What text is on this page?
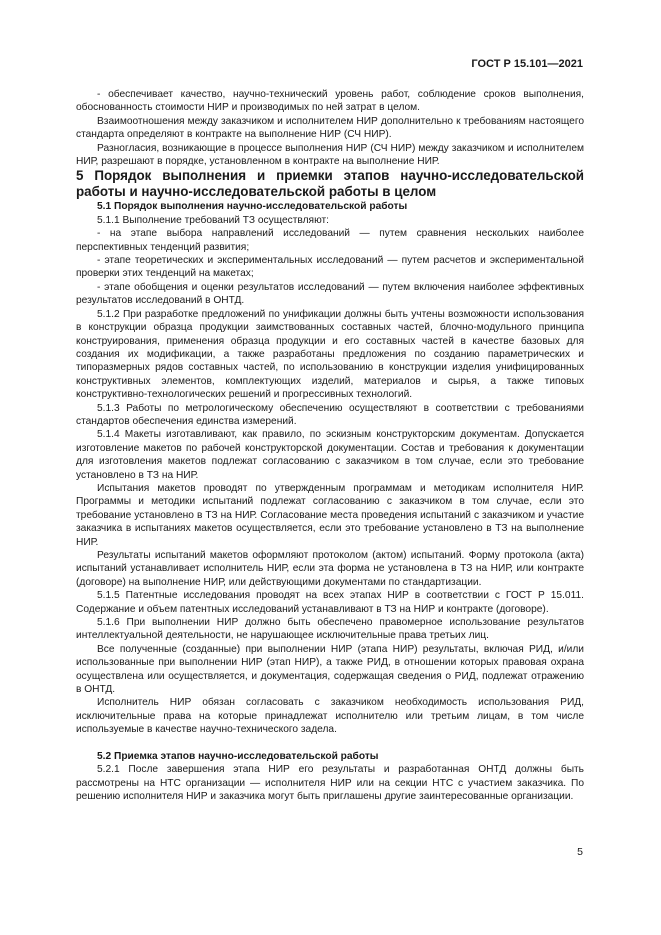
ГОСТ Р 15.101—2021

- обеспечивает качество, научно-технический уровень работ, соблюдение сроков выполнения, обоснованность стоимости НИР и производимых по ней затрат в целом.

Взаимоотношения между заказчиком и исполнителем НИР дополнительно к требованиям настоящего стандарта определяют в контракте на выполнение НИР (СЧ НИР).

Разногласия, возникающие в процессе выполнения НИР (СЧ НИР) между заказчиком и исполнителем НИР, разрешают в порядке, установленном в контракте на выполнение НИР.

5 Порядок выполнения и приемки этапов научно-исследовательской работы и научно-исследовательской работы в целом

5.1 Порядок выполнения научно-исследовательской работы

5.1.1 Выполнение требований ТЗ осуществляют:

- на этапе выбора направлений исследований — путем сравнения нескольких наиболее перспективных тенденций развития;

- этапе теоретических и экспериментальных исследований — путем расчетов и экспериментальной проверки этих тенденций на макетах;

- этапе обобщения и оценки результатов исследований — путем включения наиболее эффективных результатов исследований в ОНТД.

5.1.2 При разработке предложений по унификации должны быть учтены возможности использования в конструкции образца продукции заимствованных составных частей, блочно-модульного принципа конструирования, применения образца продукции и его составных частей в качестве базовых для создания их модификации, а также разработаны предложения по созданию параметрических и типоразмерных рядов составных частей, по использованию в конструкции изделия унифицированных конструктивных элементов, комплектующих изделий, материалов и сырья, а также типовых конструктивно-технологических решений и прогрессивных технологий.

5.1.3 Работы по метрологическому обеспечению осуществляют в соответствии с требованиями стандартов обеспечения единства измерений.

5.1.4 Макеты изготавливают, как правило, по эскизным конструкторским документам. Допускается изготовление макетов по рабочей конструкторской документации. Состав и требования к документации для изготовления макетов подлежат согласованию с заказчиком в том случае, если это требование установлено в ТЗ на НИР.

Испытания макетов проводят по утвержденным программам и методикам исполнителя НИР. Программы и методики испытаний подлежат согласованию с заказчиком в том случае, если это требование установлено в ТЗ на НИР. Согласование места проведения испытаний с заказчиком и участие заказчика в испытаниях макетов осуществляется, если это требование установлено в ТЗ на выполнение НИР.

Результаты испытаний макетов оформляют протоколом (актом) испытаний. Форму протокола (акта) испытаний устанавливает исполнитель НИР, если эта форма не установлена в ТЗ на НИР, или контракте (договоре) на выполнение НИР, или действующими документами по стандартизации.

5.1.5 Патентные исследования проводят на всех этапах НИР в соответствии с ГОСТ Р 15.011. Содержание и объем патентных исследований устанавливают в ТЗ на НИР и контракте (договоре).

5.1.6 При выполнении НИР должно быть обеспечено правомерное использование результатов интеллектуальной деятельности, не нарушающее исключительные права третьих лиц.

Все полученные (созданные) при выполнении НИР (этапа НИР) результаты, включая РИД, и/или использованные при выполнении НИР (этап НИР), а также РИД, в отношении которых правовая охрана осуществлена или осуществляется, и документация, содержащая сведения о РИД, подлежат отражению в ОНТД.

Исполнитель НИР обязан согласовать с заказчиком необходимость использования РИД, исключительные права на которые принадлежат исполнителю или третьим лицам, в том числе используемые в качестве научно-технического задела.

5.2 Приемка этапов научно-исследовательской работы

5.2.1 После завершения этапа НИР его результаты и разработанная ОНТД должны быть рассмотрены на НТС организации — исполнителя НИР или на секции НТС с участием заказчика. По решению исполнителя НИР и заказчика могут быть приглашены другие заинтересованные организации.

5
